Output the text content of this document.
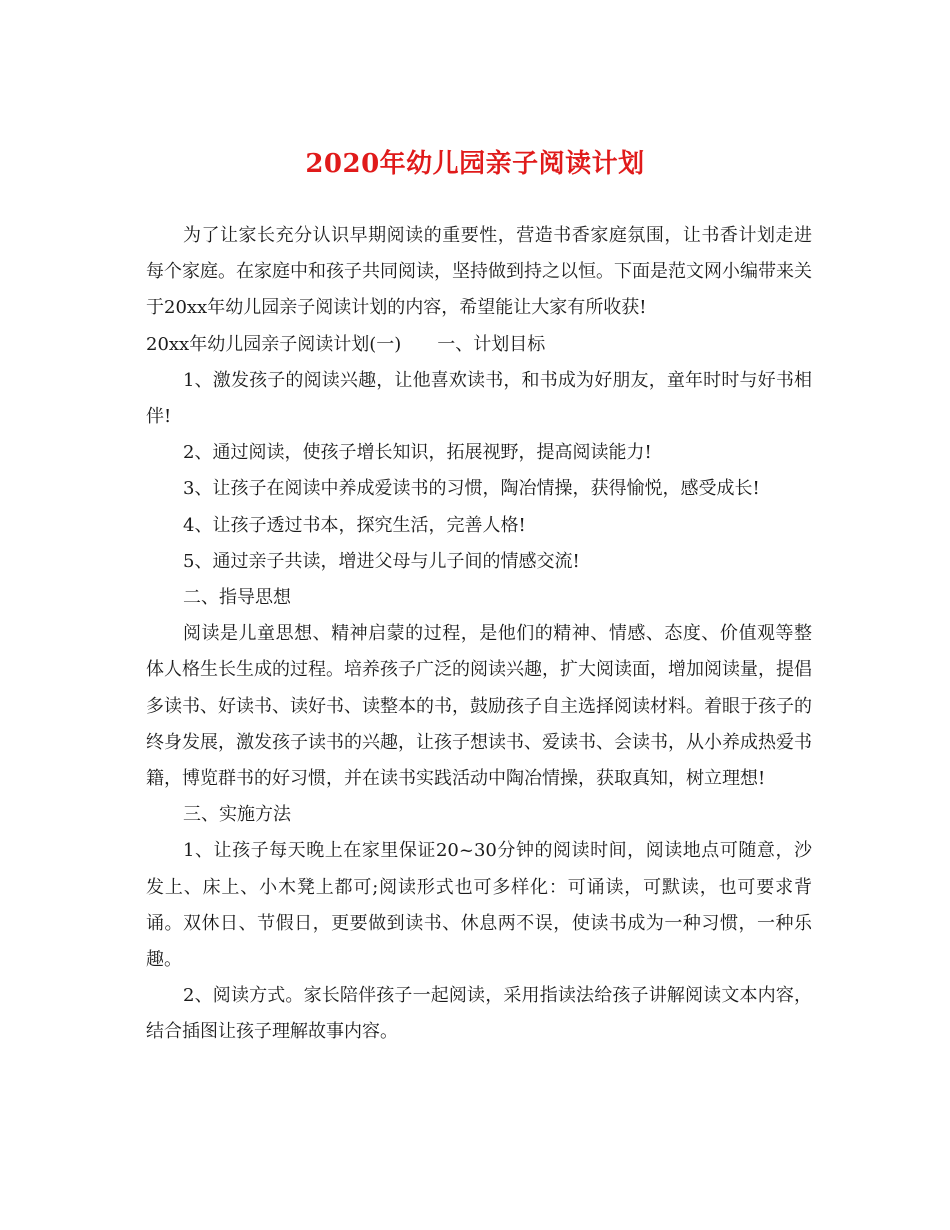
2020年幼儿园亲子阅读计划

为了让家长充分认识早期阅读的重要性，营造书香家庭氛围，让书香计划走进每个家庭。在家庭中和孩子共同阅读，坚持做到持之以恒。下面是范文网小编带来关于20xx年幼儿园亲子阅读计划的内容，希望能让大家有所收获!

20xx年幼儿园亲子阅读计划(一)　　一、计划目标

1、激发孩子的阅读兴趣，让他喜欢读书，和书成为好朋友，童年时时与好书相伴!

2、通过阅读，使孩子增长知识，拓展视野，提高阅读能力!

3、让孩子在阅读中养成爱读书的习惯，陶冶情操，获得愉悦，感受成长!

4、让孩子透过书本，探究生活，完善人格!

5、通过亲子共读，增进父母与儿子间的情感交流!

二、指导思想

阅读是儿童思想、精神启蒙的过程，是他们的精神、情感、态度、价值观等整体人格生长生成的过程。培养孩子广泛的阅读兴趣，扩大阅读面，增加阅读量，提倡多读书、好读书、读好书、读整本的书，鼓励孩子自主选择阅读材料。着眼于孩子的终身发展，激发孩子读书的兴趣，让孩子想读书、爱读书、会读书，从小养成热爱书籍，博览群书的好习惯，并在读书实践活动中陶冶情操，获取真知，树立理想!

三、实施方法

1、让孩子每天晚上在家里保证20~30分钟的阅读时间，阅读地点可随意，沙发上、床上、小木凳上都可;阅读形式也可多样化：可诵读，可默读，也可要求背诵。双休日、节假日，更要做到读书、休息两不误，使读书成为一种习惯，一种乐趣。

2、阅读方式。家长陪伴孩子一起阅读，采用指读法给孩子讲解阅读文本内容，结合插图让孩子理解故事内容。
